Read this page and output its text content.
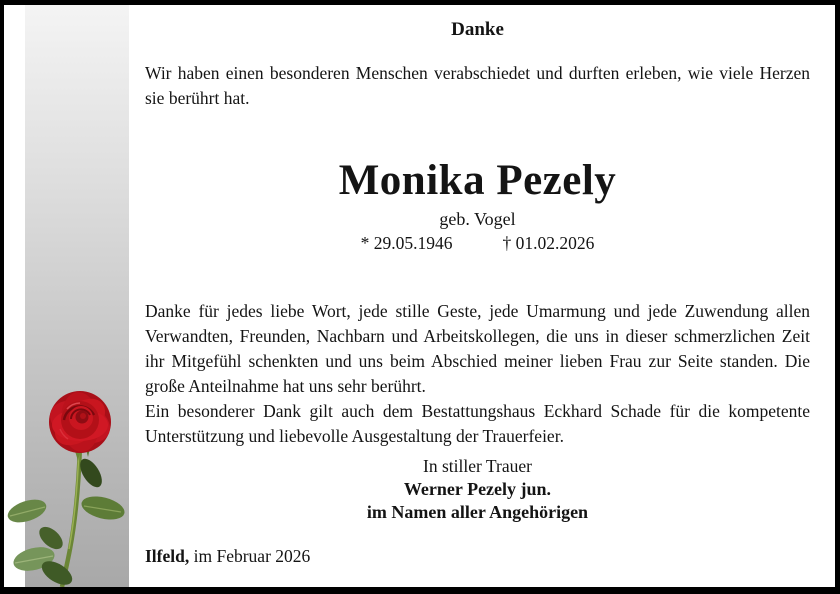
Danke

Wir haben einen besonderen Menschen verabschiedet und durften erleben, wie viele Herzen sie berührt hat.

Monika Pezely
geb. Vogel
* 29.05.1946	† 01.02.2026

Danke für jedes liebe Wort, jede stille Geste, jede Umarmung und jede Zuwendung allen Verwandten, Freunden, Nachbarn und Arbeitskollegen, die uns in dieser schmerzlichen Zeit ihr Mitgefühl schenkten und uns beim Abschied meiner lieben Frau zur Seite standen. Die große Anteilnahme hat uns sehr berührt.

Ein besonderer Dank gilt auch dem Bestattungshaus Eckhard Schade für die kompetente Unterstützung und liebevolle Ausgestaltung der Trauerfeier.

In stiller Trauer
Werner Pezely jun.
im Namen aller Angehörigen
Ilfeld, im Februar 2026
